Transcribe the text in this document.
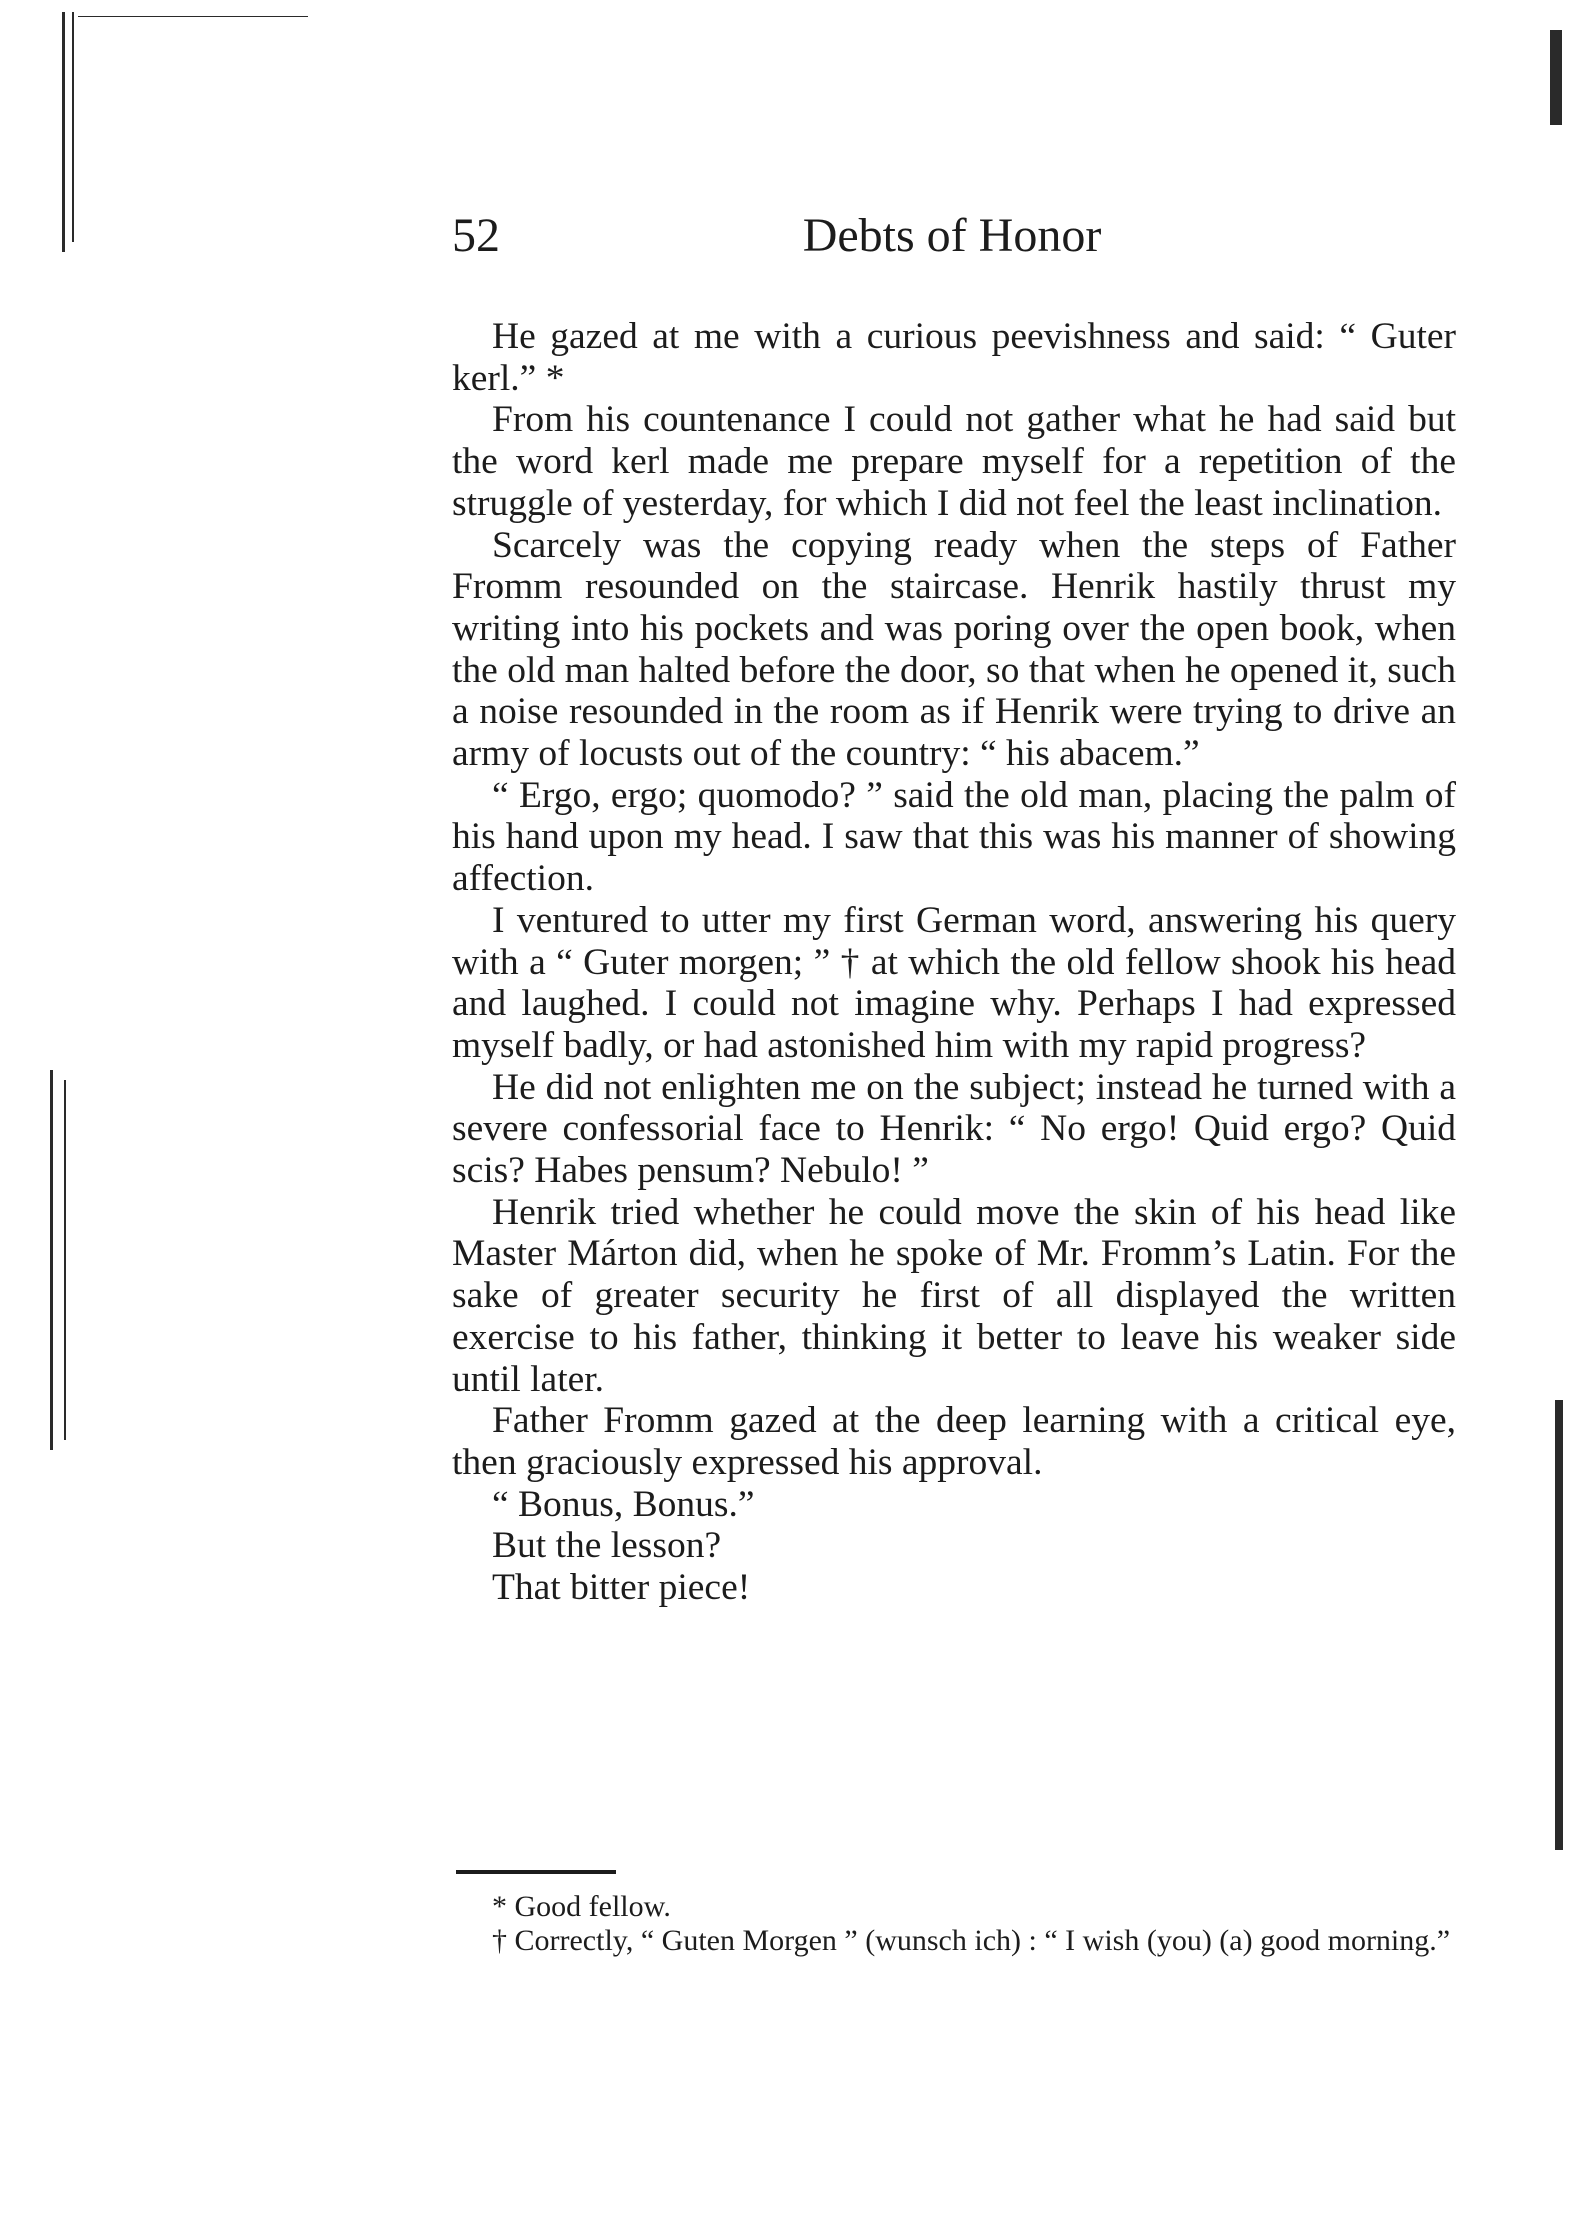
52	Debts of Honor

He gazed at me with a curious peevishness and said: “ Guter kerl.” *

From his countenance I could not gather what he had said but the word kerl made me prepare myself for a repetition of the struggle of yesterday, for which I did not feel the least inclination.

Scarcely was the copying ready when the steps of Father Fromm resounded on the staircase. Henrik hastily thrust my writing into his pockets and was poring over the open book, when the old man halted before the door, so that when he opened it, such a noise resounded in the room as if Henrik were trying to drive an army of locusts out of the country: “ his abacem.”

“ Ergo, ergo; quomodo? ” said the old man, placing the palm of his hand upon my head. I saw that this was his manner of showing affection.

I ventured to utter my first German word, answering his query with a “ Guter morgen; ” † at which the old fellow shook his head and laughed. I could not imagine why. Perhaps I had expressed myself badly, or had astonished him with my rapid progress?

He did not enlighten me on the subject; instead he turned with a severe confessorial face to Henrik: “ No ergo! Quid ergo? Quid scis? Habes pensum? Nebulo! ”

Henrik tried whether he could move the skin of his head like Master Márton did, when he spoke of Mr. Fromm’s Latin. For the sake of greater security he first of all displayed the written exercise to his father, thinking it better to leave his weaker side until later.

Father Fromm gazed at the deep learning with a critical eye, then graciously expressed his approval.

“ Bonus, Bonus.”

But the lesson?

That bitter piece!

* Good fellow.

† Correctly, “ Guten Morgen ” (wunsch ich) : “ I wish (you) (a) good morning.”
